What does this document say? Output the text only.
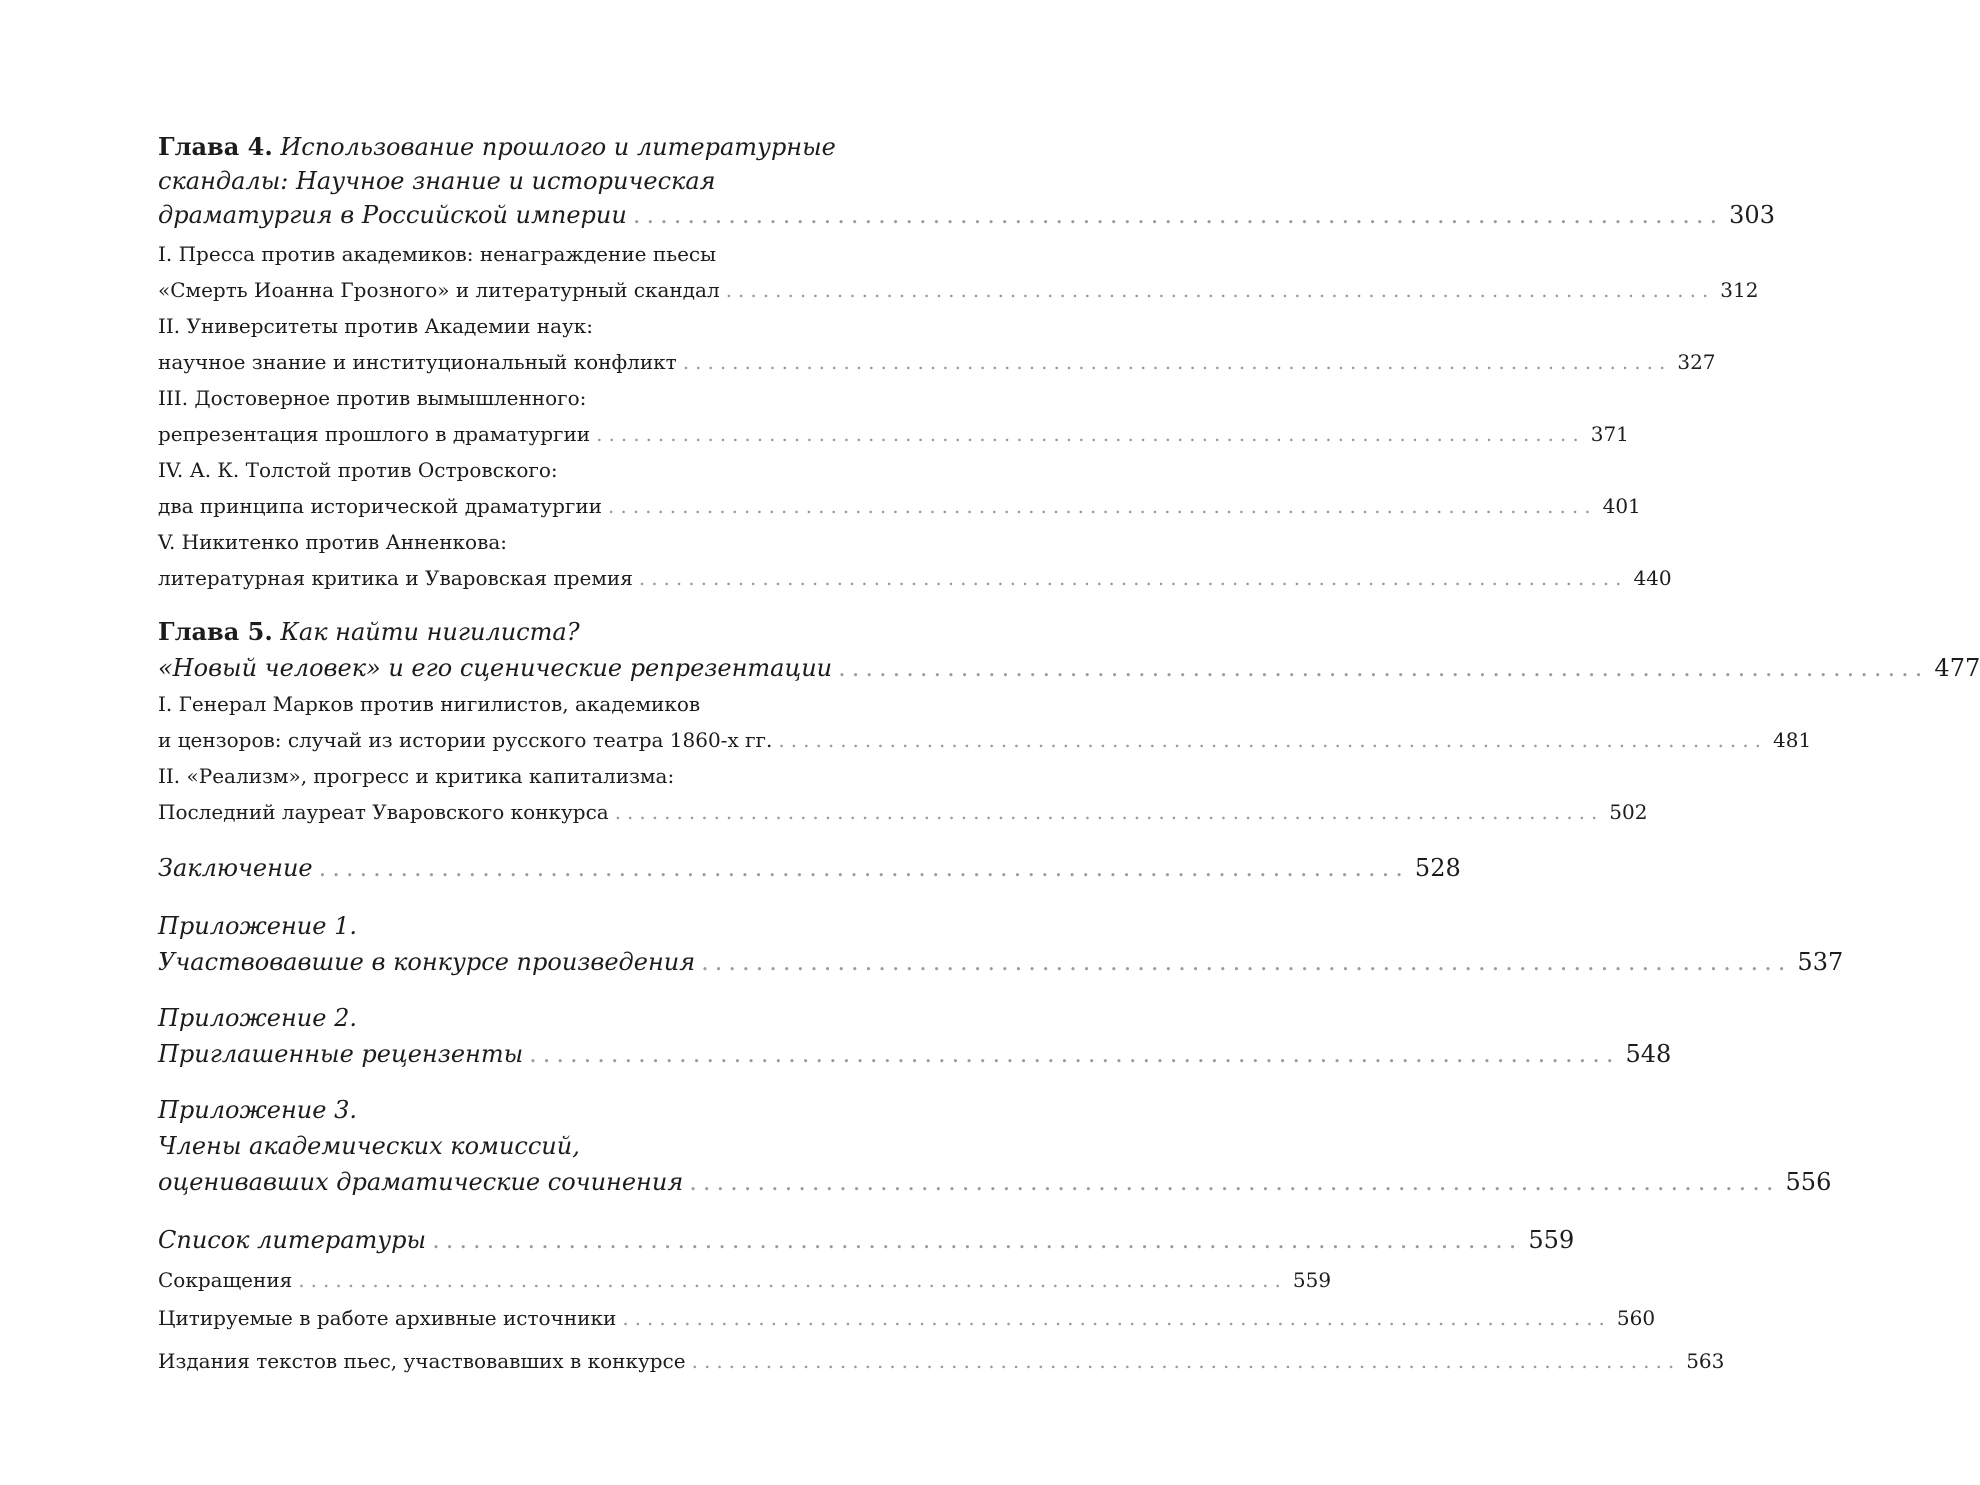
Глава 4. Использование прошлого и литературные
скандалы: Научное знание и историческая
драматургия в Российской империи ................................................................................ 303
I. Пресса против академиков: ненаграждение пьесы
«Смерть Иоанна Грозного» и литературный скандал ................................................................................ 312
II. Университеты против Академии наук:
научное знание и институциональный конфликт ................................................................................ 327
III. Достоверное против вымышленного:
репрезентация прошлого в драматургии ................................................................................ 371
IV. А. К. Толстой против Островского:
два принципа исторической драматургии ................................................................................ 401
V. Никитенко против Анненкова:
литературная критика и Уваровская премия ................................................................................ 440
Глава 5. Как найти нигилиста?
«Новый человек» и его сценические репрезентации ................................................................................ 477
I. Генерал Марков против нигилистов, академиков
и цензоров: случай из истории русского театра 1860-х гг. ................................................................................ 481
II. «Реализм», прогресс и критика капитализма:
Последний лауреат Уваровского конкурса ................................................................................ 502
Заключение ................................................................................ 528
Приложение 1.
Участвовавшие в конкурсе произведения ................................................................................ 537
Приложение 2.
Приглашенные рецензенты ................................................................................ 548
Приложение 3.
Члены академических комиссий,
оценивавших драматические сочинения ................................................................................ 556
Список литературы ................................................................................ 559
Сокращения ................................................................................ 559
Цитируемые в работе архивные источники ................................................................................ 560
Издания текстов пьес, участвовавших в конкурсе ................................................................................ 563
